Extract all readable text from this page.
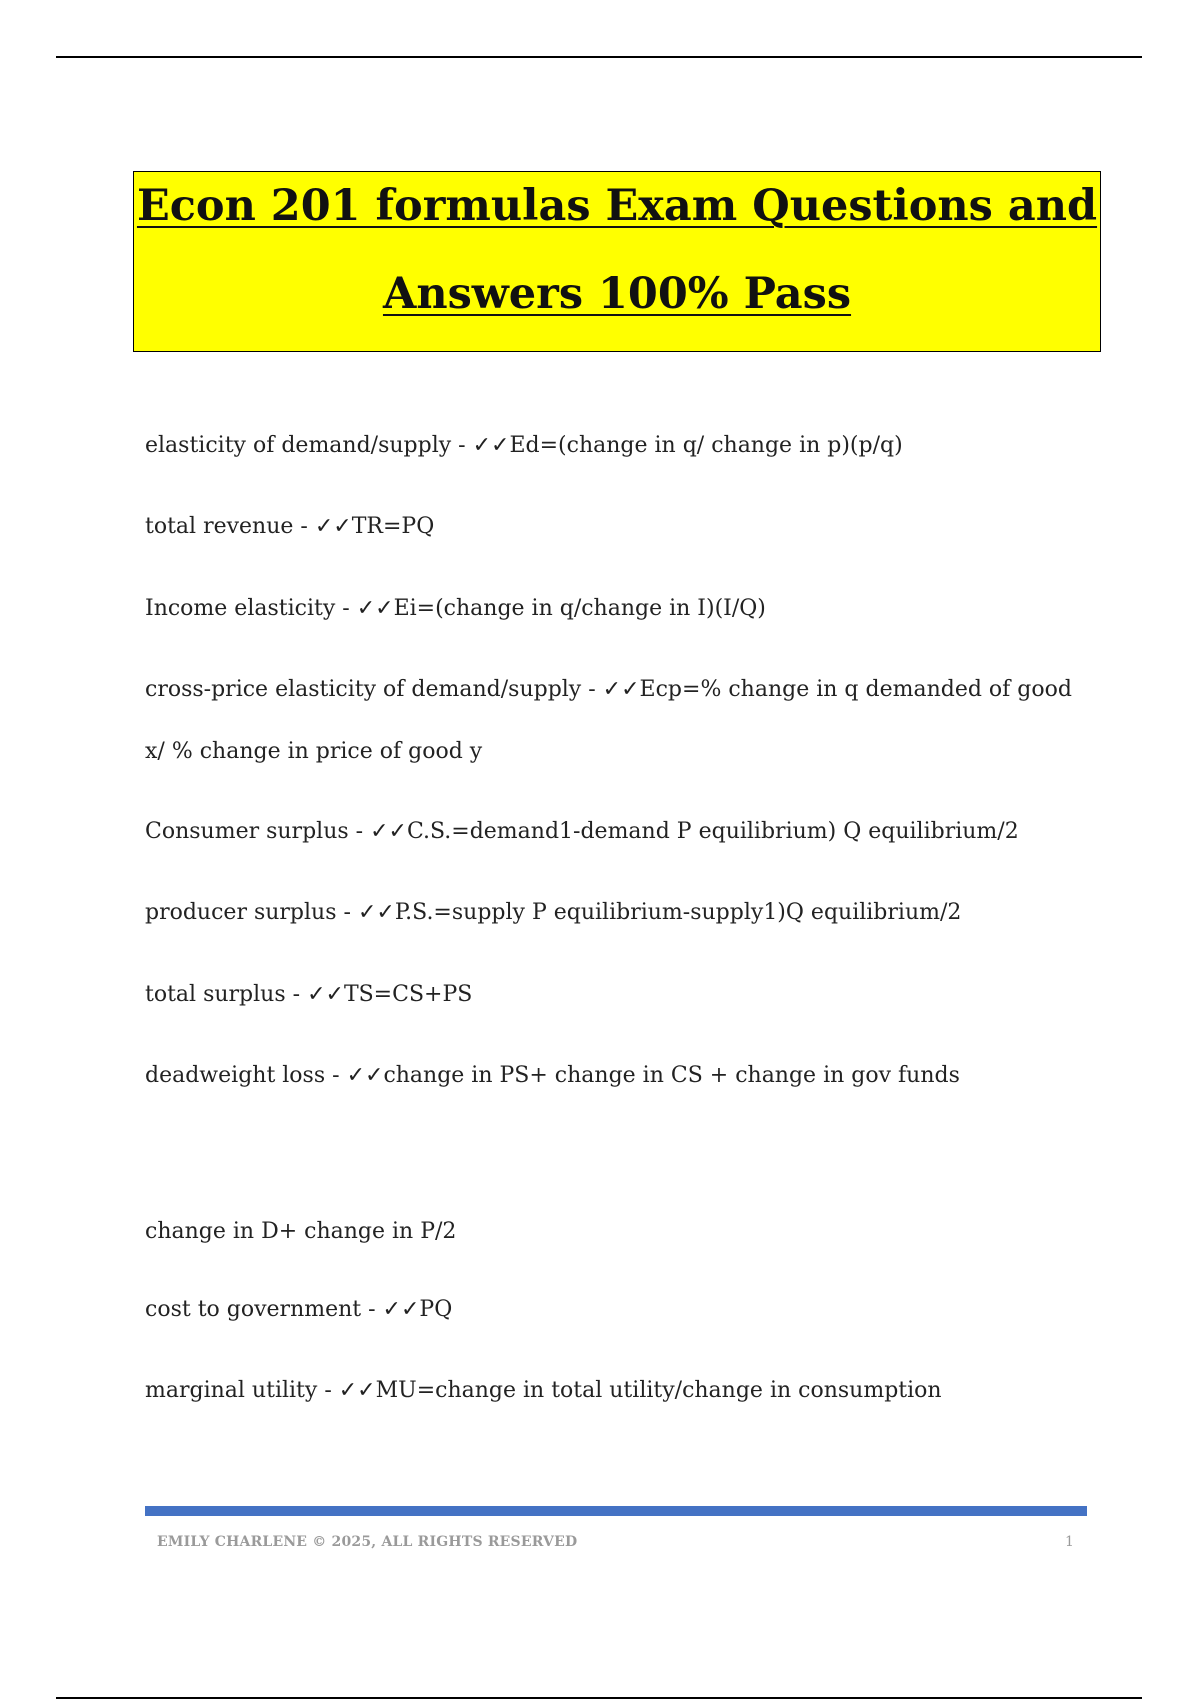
Econ 201 formulas Exam Questions and
Answers 100% Pass
elasticity of demand/supply - ✓✓Ed=(change in q/ change in p)(p/q)
total revenue - ✓✓TR=PQ
Income elasticity - ✓✓Ei=(change in q/change in I)(I/Q)
cross-price elasticity of demand/supply - ✓✓Ecp=% change in q demanded of good x/ % change in price of good y
Consumer surplus - ✓✓C.S.=demand1-demand P equilibrium) Q equilibrium/2
producer surplus - ✓✓P.S.=supply P equilibrium-supply1)Q equilibrium/2
total surplus - ✓✓TS=CS+PS
deadweight loss - ✓✓change in PS+ change in CS + change in gov funds
change in D+ change in P/2
cost to government - ✓✓PQ
marginal utility - ✓✓MU=change in total utility/change in consumption
EMILY CHARLENE © 2025, ALL RIGHTS RESERVED	1
